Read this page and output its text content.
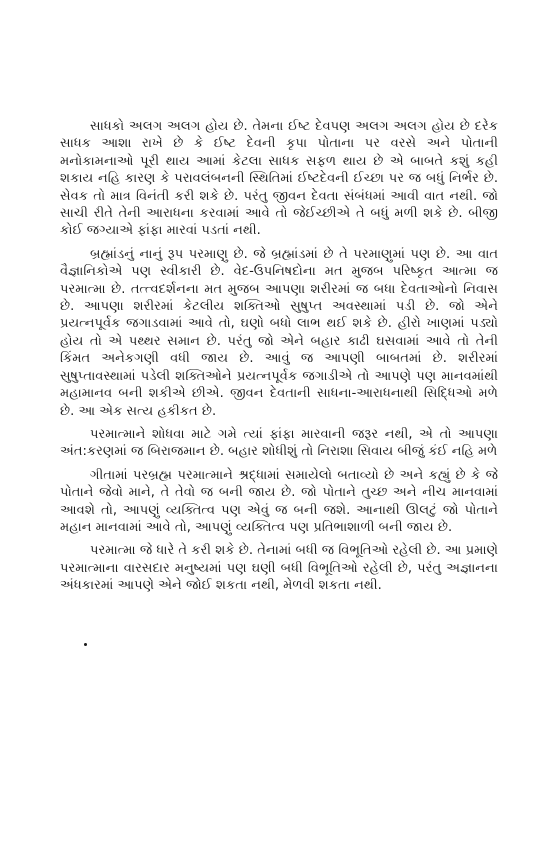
સાધકો અલગ અલગ હોય છે. તેમના ઈષ્ટ દેવપણ અલગ અલગ હોય છે દરેક સાધક આશા રાખે છે કે ઈષ્ટ દેવની કૃપા પોતાના પર વરસે અને પોતાની મનોકામનાઓ પૂરી થાય આમાં કેટલા સાધક સફળ થાય છે એ બાબતે કશું કહી શકાય નહિ કારણ કે પરાવલંબનની સ્થિતિમાં ઈષ્ટદેવની ઈચ્છા પર જ બધું નિર્ભર છે. સેવક તો માત્ર વિનંતી કરી શકે છે. પરંતુ જીવન દેવતા સંબંધમાં આવી વાત નથી. જો સાચી રીતે તેની આરાધના કરવામાં આવે તો જેઈચ્છીએ તે બધું મળી શકે છે. બીજી કોઈ જગ્યાએ ફાંફા મારવાં પડતાં નથી.

બ્રહ્માંડનું નાનું રૂપ પરમાણુ છે. જે બ્રહ્માંડમાં છે તે પરમાણુમાં પણ છે. આ વાત વૈજ્ઞાનિકોએ પણ સ્વીકારી છે. વેદ-ઉપનિષદોના મત મુજબ પરિષ્કૃત આત્મા જ પરમાત્મા છે. તત્ત્વદર્શનના મત મુજબ આપણા શરીરમાં જ બધા દેવતાઓનો નિવાસ છે. આપણા શરીરમાં કેટલીય શક્તિઓ સુષુપ્ત અવસ્થામાં પડી છે. જો એને પ્રયત્નપૂર્વક જગાડવામાં આવે તો, ઘણો બધો લાભ થઈ શકે છે. હીરો ખાણમાં પડ્યો હોય તો એ પથ્થર સમાન છે. પરંતુ જો એને બહાર કાઢી ઘસવામાં આવે તો તેની કિંમત અનેકગણી વધી જાય છે. આવું જ આપણી બાબતમાં છે. શરીરમાં સુષુપ્તાવસ્થામાં પડેલી શક્તિઓને પ્રયત્નપૂર્વક જગાડીએ તો આપણે પણ માનવમાંથી મહામાનવ બની શકીએ છીએ. જીવન દેવતાની સાધના-આરાધનાથી સિદ્ધિઓ મળે છે. આ એક સત્ય હકીકત છે.

પરમાત્માને શોધવા માટે ગમે ત્યાં ફાંફા મારવાની જરૂર નથી, એ તો આપણા અંત:કરણમાં જ બિરાજમાન છે. બહાર શોધીશું તો નિરાશા સિવાય બીજું કંઈ નહિ મળે

ગીતામાં પરબ્રહ્મ પરમાત્માને શ્રદ્ધામાં સમાયેલો બતાવ્યો છે અને કહ્યું છે કે જે પોતાને જેવો માને, તે તેવો જ બની જાય છે. જો પોતાને તુચ્છ અને નીચ માનવામાં આવશે તો, આપણું વ્યક્તિત્વ પણ એવું જ બની જશે. આનાથી ઊલટું જો પોતાને મહાન માનવામાં આવે તો, આપણું વ્યક્તિત્વ પણ પ્રતિભાશાળી બની જાય છે.

પરમાત્મા જે ધારે તે કરી શકે છે. તેનામાં બધી જ વિભૂતિઓ રહેલી છે. આ પ્રમાણે પરમાત્માના વારસદાર મનુષ્યમાં પણ ઘણી બધી વિભૂતિઓ રહેલી છે, પરંતુ અજ્ઞાનના અંધકારમાં આપણે એને જોઈ શકતા નથી, મેળવી શકતા નથી.
